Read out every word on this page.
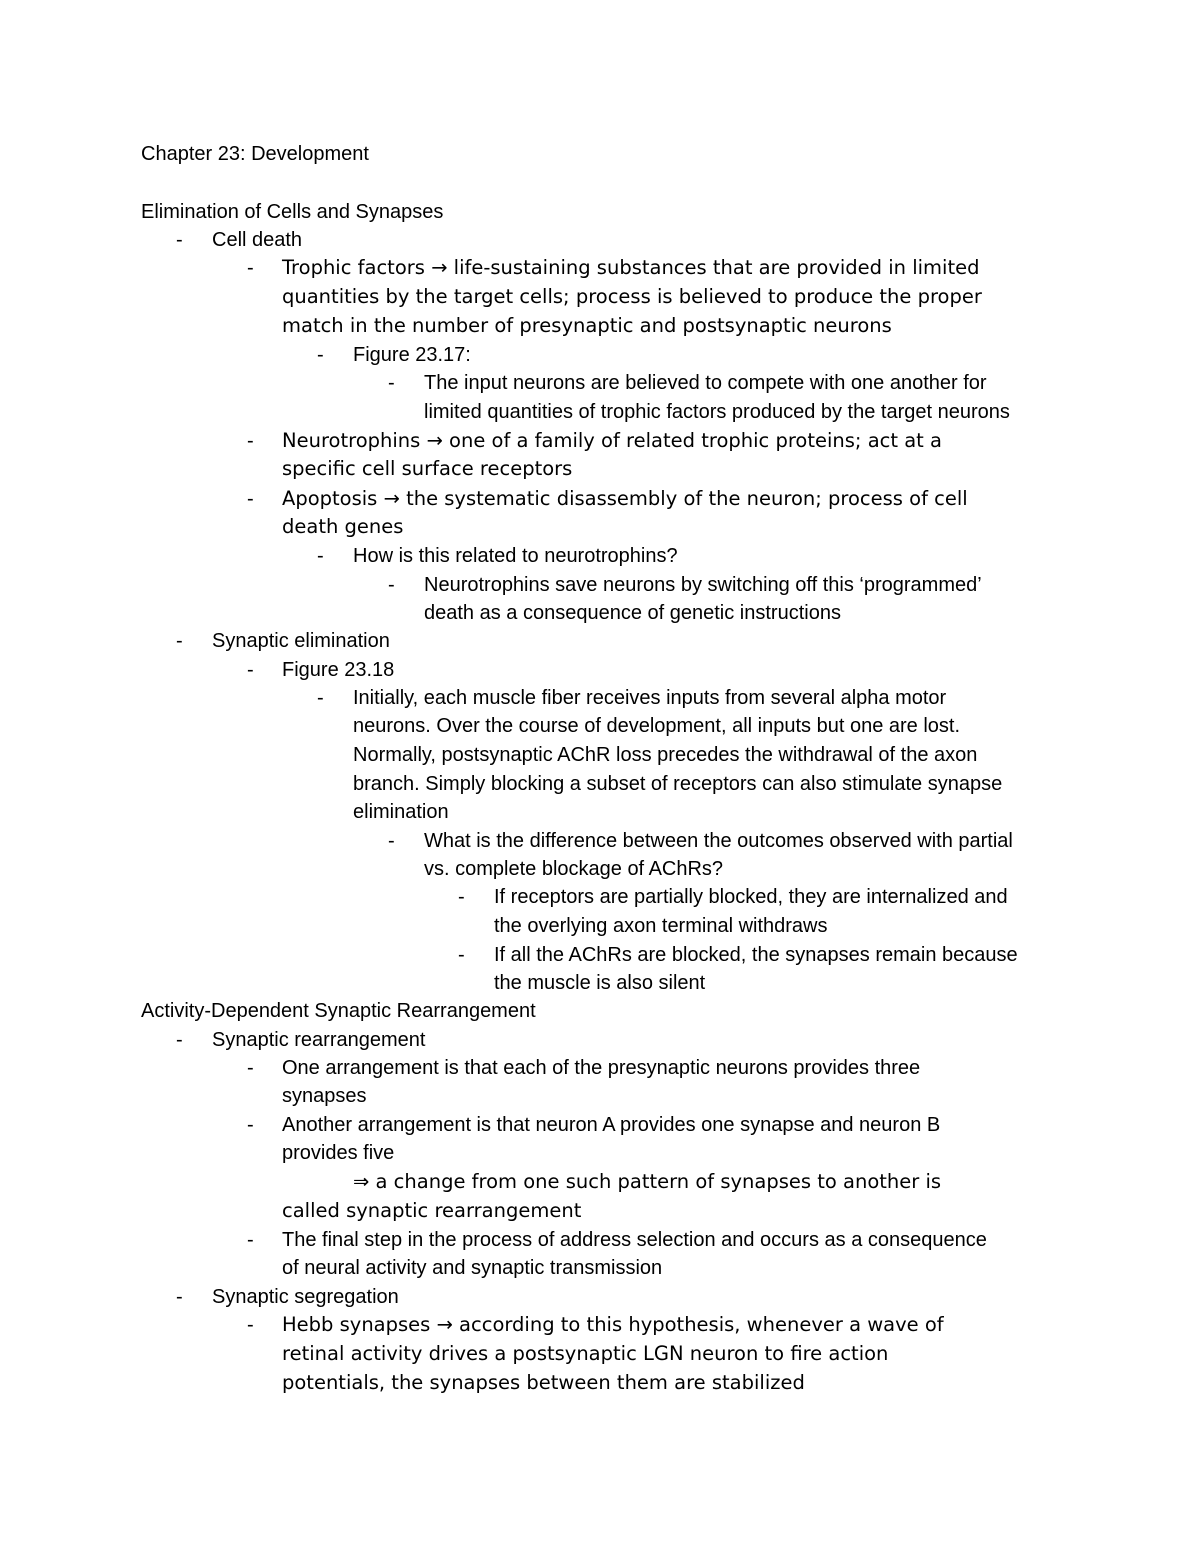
Chapter 23: Development
Elimination of Cells and Synapses
- Cell death
- Trophic factors → life-sustaining substances that are provided in limited
quantities by the target cells; process is believed to produce the proper
match in the number of presynaptic and postsynaptic neurons
- Figure 23.17:
- The input neurons are believed to compete with one another for
limited quantities of trophic factors produced by the target neurons
- Neurotrophins → one of a family of related trophic proteins; act at a
specific cell surface receptors
- Apoptosis → the systematic disassembly of the neuron; process of cell
death genes
- How is this related to neurotrophins?
- Neurotrophins save neurons by switching off this ‘programmed’
death as a consequence of genetic instructions
- Synaptic elimination
- Figure 23.18
- Initially, each muscle fiber receives inputs from several alpha motor
neurons. Over the course of development, all inputs but one are lost.
Normally, postsynaptic AChR loss precedes the withdrawal of the axon
branch. Simply blocking a subset of receptors can also stimulate synapse
elimination
- What is the difference between the outcomes observed with partial
vs. complete blockage of AChRs?
- If receptors are partially blocked, they are internalized and
the overlying axon terminal withdraws
- If all the AChRs are blocked, the synapses remain because
the muscle is also silent
Activity-Dependent Synaptic Rearrangement
- Synaptic rearrangement
- One arrangement is that each of the presynaptic neurons provides three
synapses
- Another arrangement is that neuron A provides one synapse and neuron B
provides five
⇒ a change from one such pattern of synapses to another is
called synaptic rearrangement
- The final step in the process of address selection and occurs as a consequence
of neural activity and synaptic transmission
- Synaptic segregation
- Hebb synapses → according to this hypothesis, whenever a wave of
retinal activity drives a postsynaptic LGN neuron to fire action
potentials, the synapses between them are stabilized
